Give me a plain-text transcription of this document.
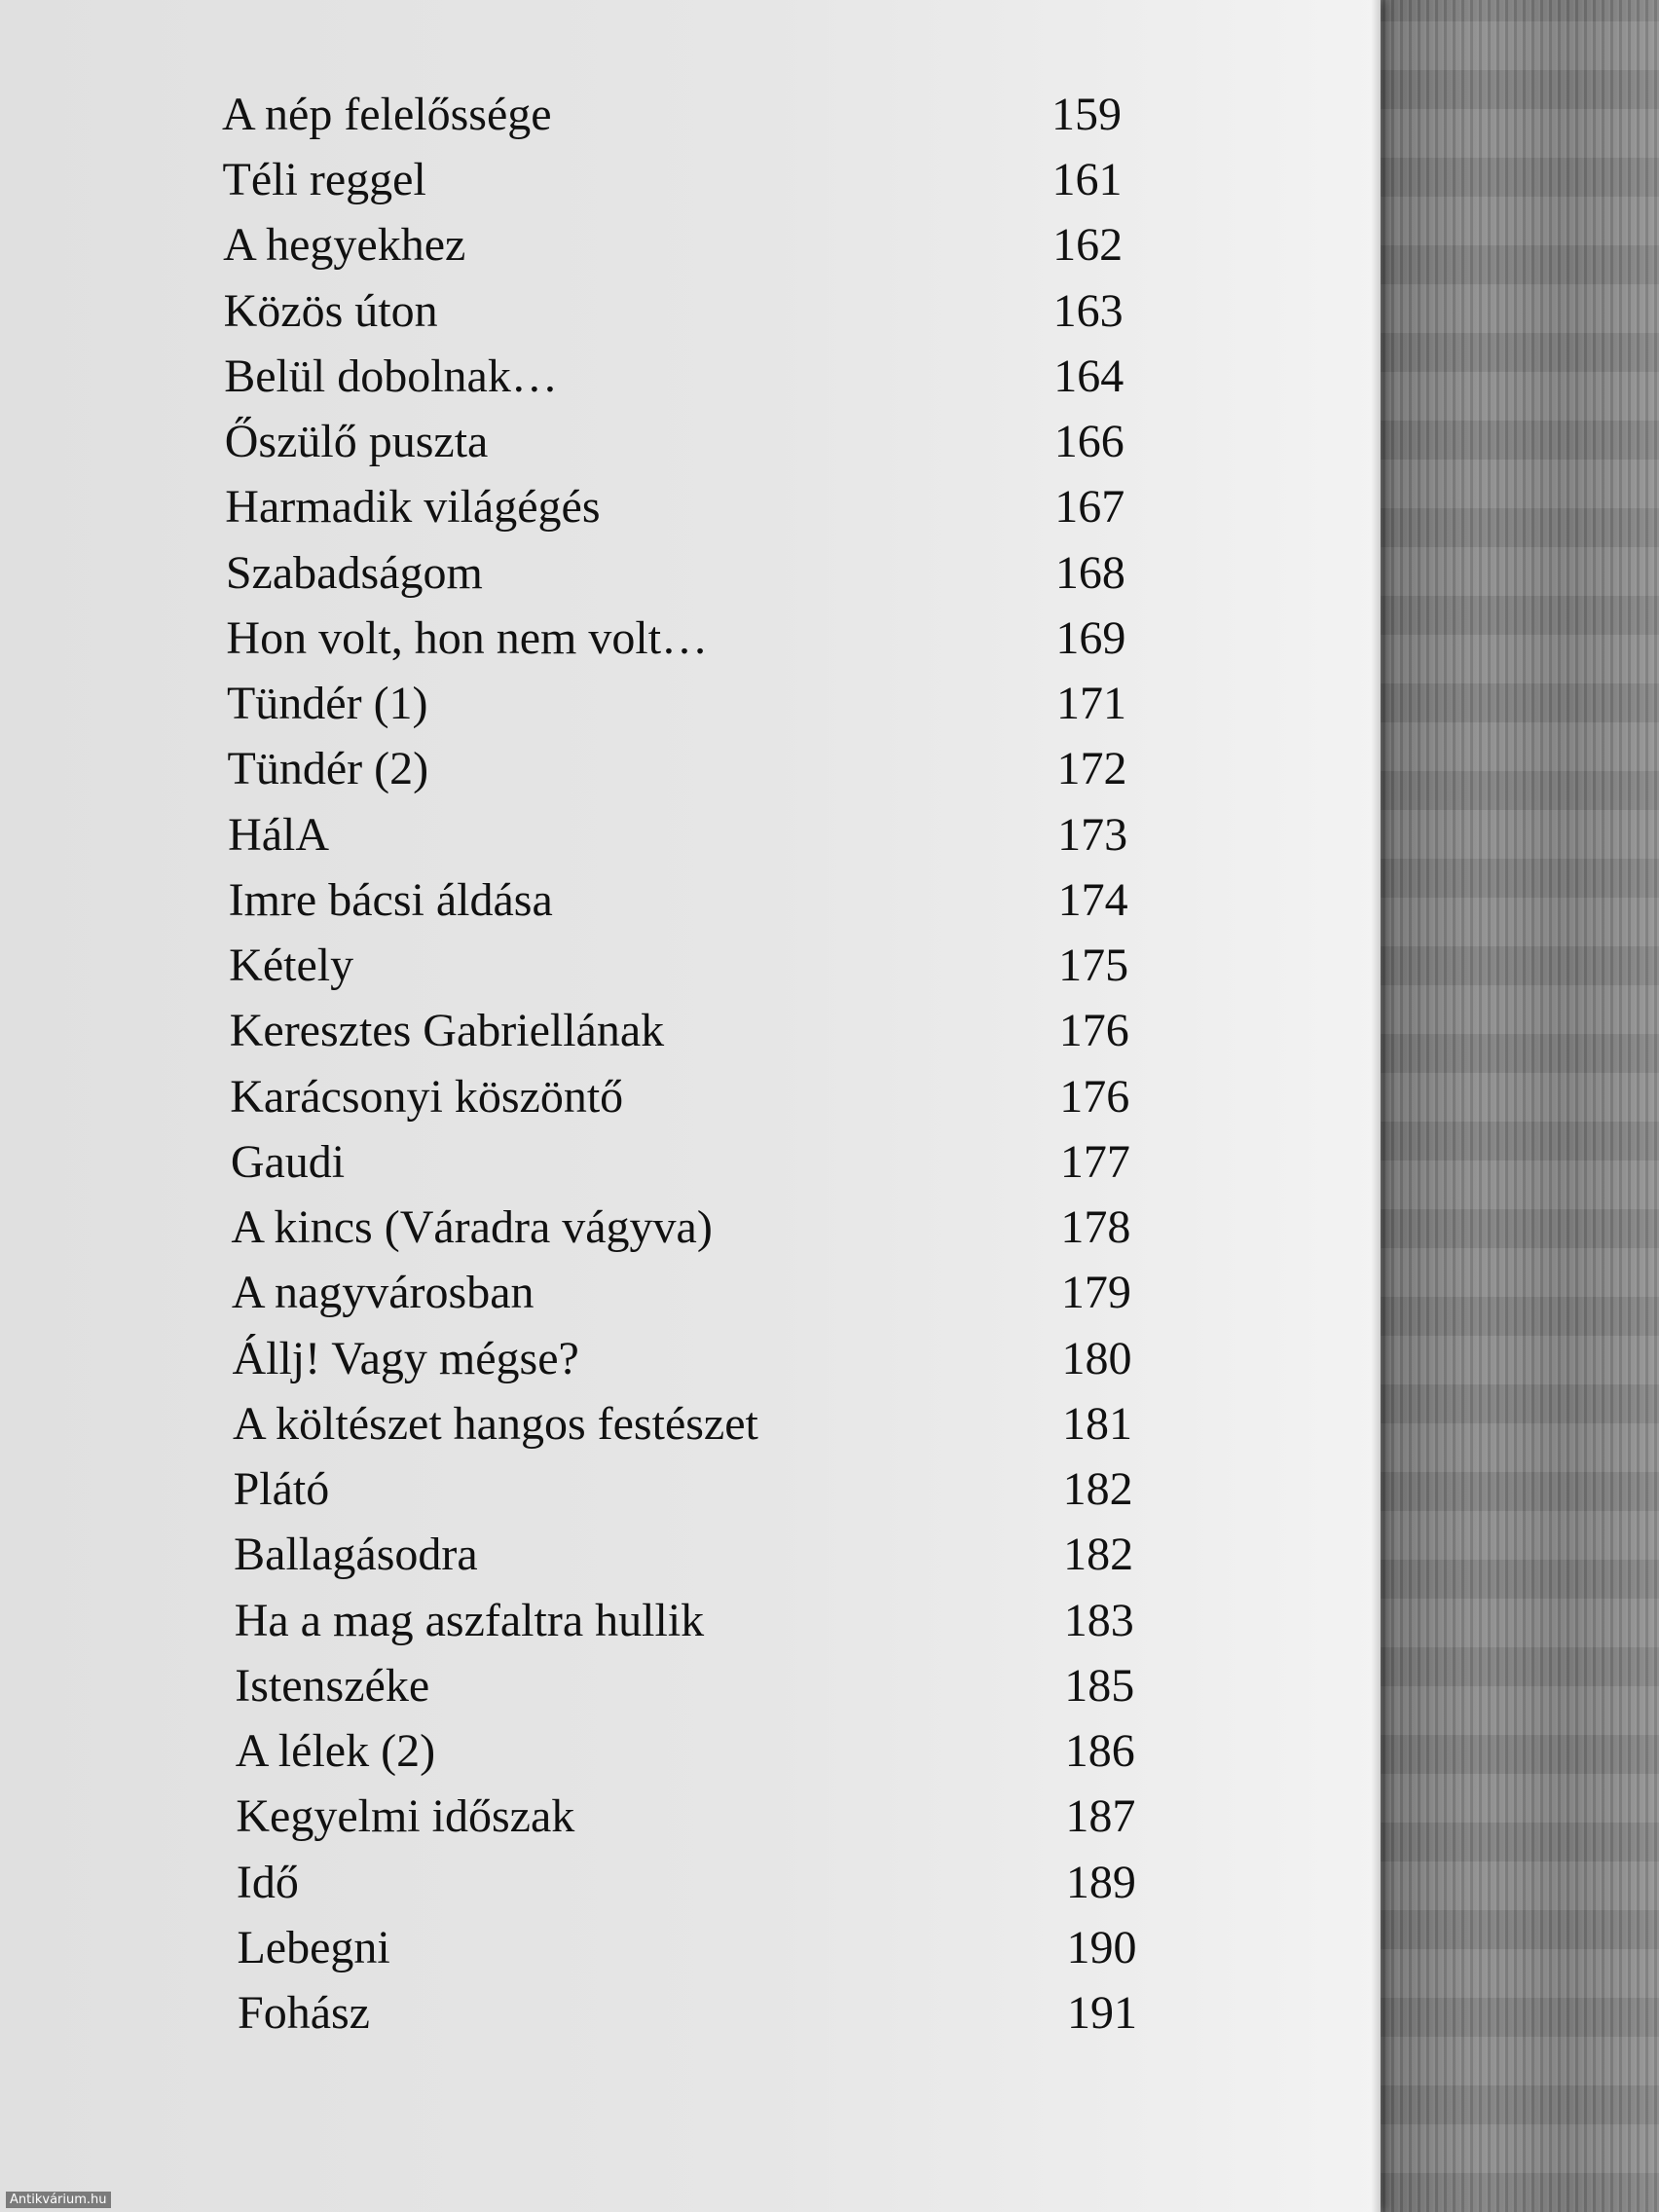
A nép felelőssége	159
Téli reggel	161
A hegyekhez	162
Közös úton	163
Belül dobolnak…	164
Őszülő puszta	166
Harmadik világégés	167
Szabadságom	168
Hon volt, hon nem volt…	169
Tündér (1)	171
Tündér (2)	172
HálA	173
Imre bácsi áldása	174
Kétely	175
Keresztes Gabriellának	176
Karácsonyi köszöntő	176
Gaudi	177
A kincs (Váradra vágyva)	178
A nagyvárosban	179
Állj! Vagy mégse?	180
A költészet hangos festészet	181
Plátó	182
Ballagásodra	182
Ha a mag aszfaltra hullik	183
Istenszéke	185
A lélek (2)	186
Kegyelmi időszak	187
Idő	189
Lebegni	190
Fohász	191
Antikvárium.hu
